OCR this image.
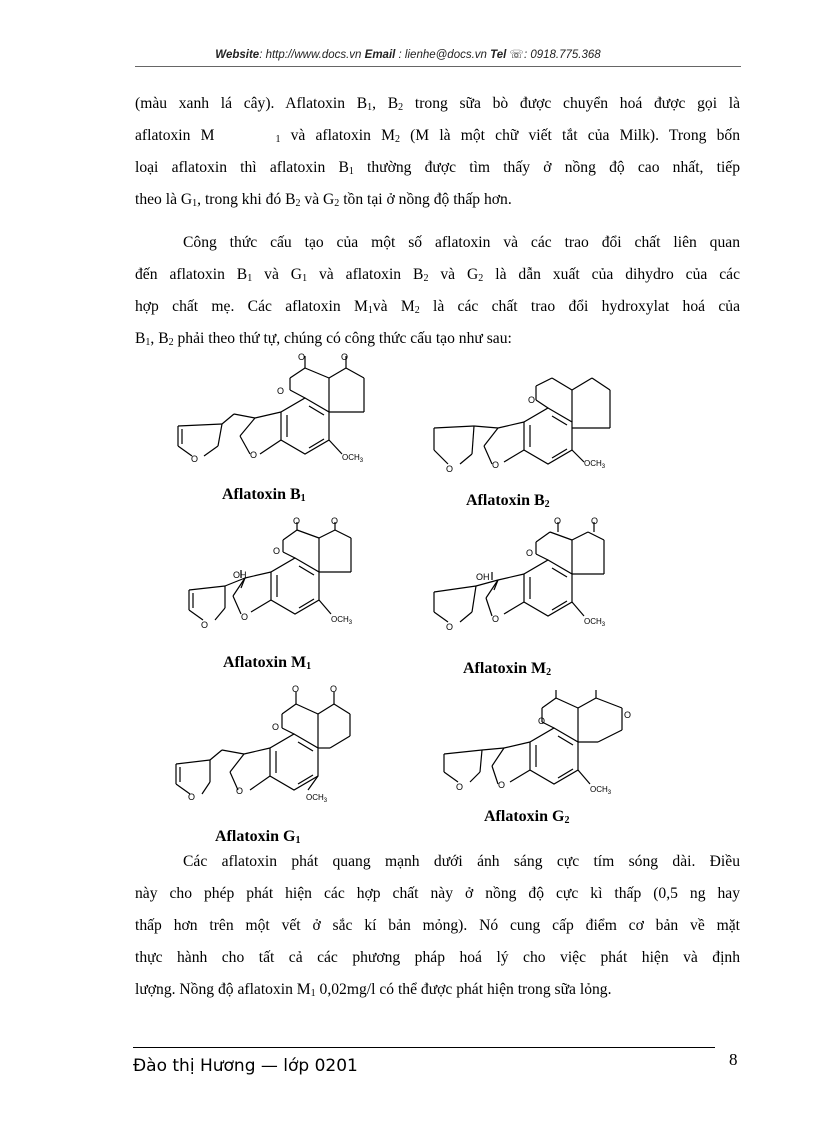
Website: http://www.docs.vn Email : lienhe@docs.vn Tel ☏: 0918.775.368
(màu xanh lá cây). Aflatoxin $B_1$, $B_2$ trong sữa bò được chuyển hoá được gọi là
aflatoxin M	$_1$ và aflatoxin $M_2$ (M là một chữ viết tắt của Milk). Trong bốn
loại aflatoxin thì aflatoxin $B_1$ thường được tìm thấy ở nồng độ cao nhất, tiếp
theo là $G_1$, trong khi đó $B_2$ và $G_2$ tồn tại ở nồng độ thấp hơn.
Công thức cấu tạo của một số aflatoxin và các trao đổi chất liên quan
đến aflatoxin $B_1$ và $G_1$ và aflatoxin $B_2$ và $G_2$ là dẫn xuất của dihydro của các
hợp chất mẹ. Các aflatoxin $M_1và$ $M_2$ là các chất trao đổi hydroxylat hoá của
$B_1$, $B_2$ phải theo thứ tự, chúng có công thức cấu tạo như sau:
O	O
O
O	O	$OCH_3$
Aflatoxin $B_1$
O
O	O	$OCH_3$
Aflatoxin $B_2$
OH
O	O
O
O
O	$OCH_3$
Aflatoxin $M_1$
OH
O	O
O
O
O	$OCH_3$
Aflatoxin $M_2$
O	O
O
O
O
$OCH_3$
Aflatoxin $G_1$
O
O
O	O	$OCH_3$
Aflatoxin $G_2$
Các aflatoxin phát quang mạnh dưới ánh sáng cực tím sóng dài. Điều
này cho phép phát hiện các hợp chất này ở nồng độ cực kì thấp (0,5 ng hay
thấp hơn trên một vết ở sắc kí bản mỏng). Nó cung cấp điểm cơ bản về mặt
thực hành cho tất cả các phương pháp hoá lý cho việc phát hiện và định
lượng. Nồng độ aflatoxin $M_1$ 0,02mg/l có thể được phát hiện trong sữa lỏng.
Đào thị Hương — lớp 0201	8
